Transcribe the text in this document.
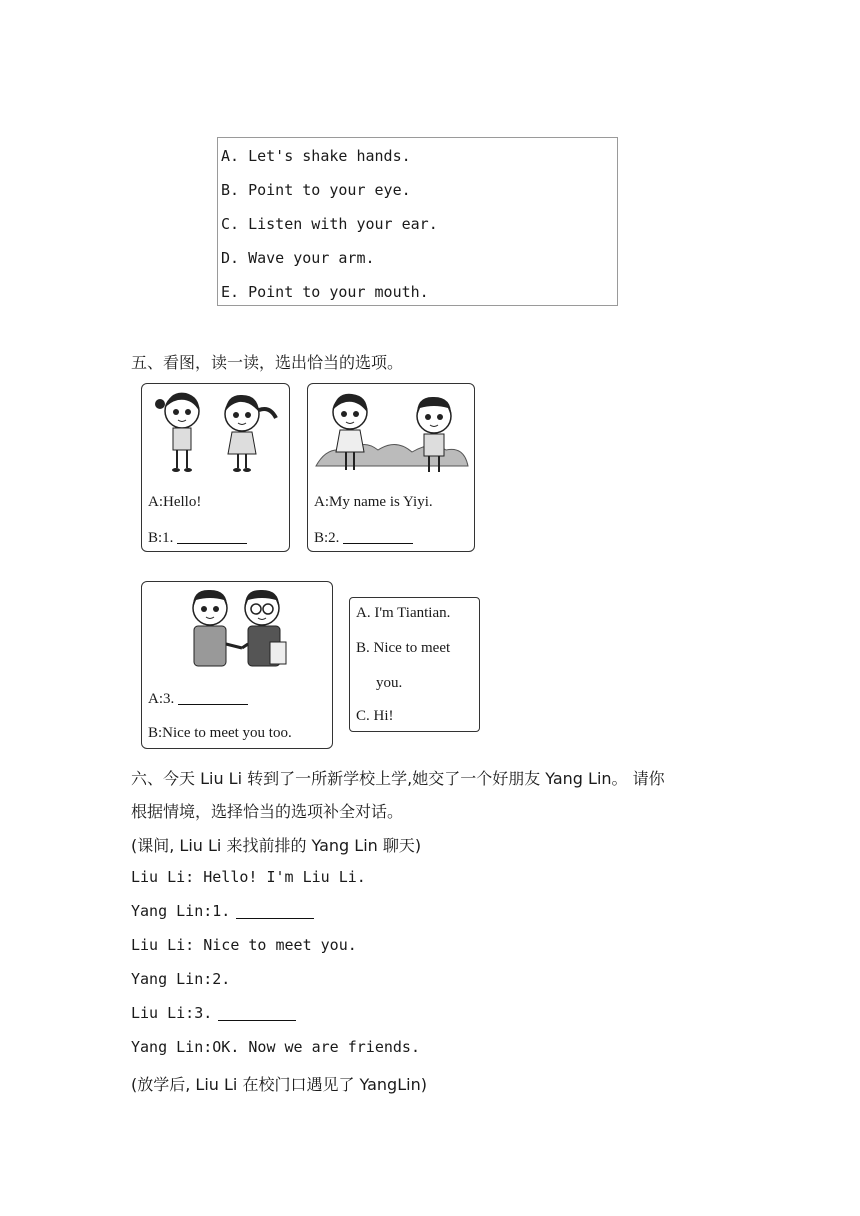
A. Let's shake hands.
B. Point to your eye.
C. Listen with your ear.
D. Wave your arm.
E. Point to your mouth.
五、看图，读一读，选出恰当的选项。
A:Hello!
B:1.
A:My name is Yiyi.
B:2.
A:3.
B:Nice to meet you too.
A. I'm Tiantian.
B. Nice to meet
you.
C. Hi!
六、今天 Liu Li 转到了一所新学校上学,她交了一个好朋友 Yang Lin。 请你
根据情境，选择恰当的选项补全对话。
(课间, Liu Li 来找前排的 Yang Lin 聊天)
Liu Li: Hello! I'm Liu Li.
Yang Lin:1.
Liu Li: Nice to meet you.
Yang Lin:2.
Liu Li:3.
Yang Lin:OK. Now we are friends.
(放学后, Liu Li 在校门口遇见了 YangLin)
